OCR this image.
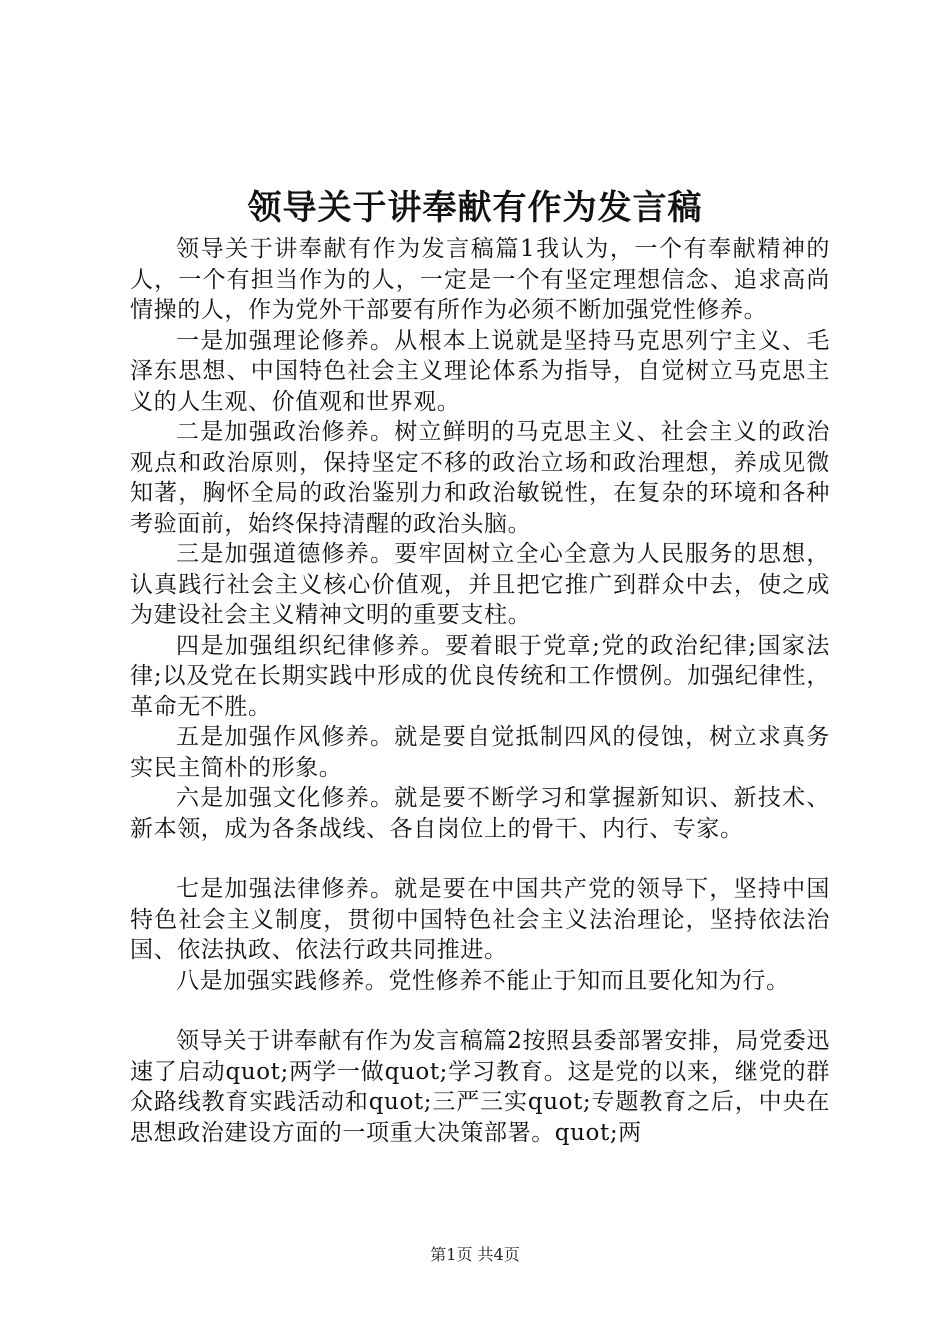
领导关于讲奉献有作为发言稿

领导关于讲奉献有作为发言稿篇1我认为，一个有奉献精神的人，一个有担当作为的人，一定是一个有坚定理想信念、追求高尚情操的人，作为党外干部要有所作为必须不断加强党性修养。

一是加强理论修养。从根本上说就是坚持马克思列宁主义、毛泽东思想、中国特色社会主义理论体系为指导，自觉树立马克思主义的人生观、价值观和世界观。

二是加强政治修养。树立鲜明的马克思主义、社会主义的政治观点和政治原则，保持坚定不移的政治立场和政治理想，养成见微知著，胸怀全局的政治鉴别力和政治敏锐性，在复杂的环境和各种考验面前，始终保持清醒的政治头脑。

三是加强道德修养。要牢固树立全心全意为人民服务的思想，认真践行社会主义核心价值观，并且把它推广到群众中去，使之成为建设社会主义精神文明的重要支柱。

四是加强组织纪律修养。要着眼于党章;党的政治纪律;国家法律;以及党在长期实践中形成的优良传统和工作惯例。加强纪律性，革命无不胜。

五是加强作风修养。就是要自觉抵制四风的侵蚀，树立求真务实民主简朴的形象。

六是加强文化修养。就是要不断学习和掌握新知识、新技术、新本领，成为各条战线、各自岗位上的骨干、内行、专家。

七是加强法律修养。就是要在中国共产党的领导下，坚持中国特色社会主义制度，贯彻中国特色社会主义法治理论，坚持依法治国、依法执政、依法行政共同推进。

八是加强实践修养。党性修养不能止于知而且要化知为行。

领导关于讲奉献有作为发言稿篇2按照县委部署安排，局党委迅速了启动quot;两学一做quot;学习教育。这是党的以来，继党的群众路线教育实践活动和quot;三严三实quot;专题教育之后，中央在思想政治建设方面的一项重大决策部署。quot;两

第1页 共4页
